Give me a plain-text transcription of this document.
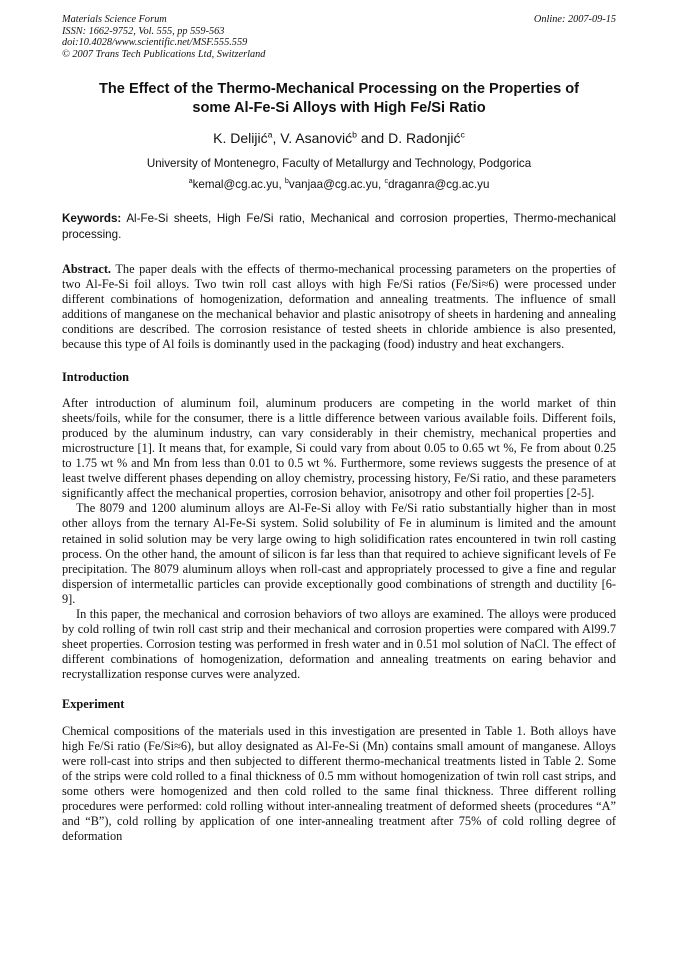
Materials Science Forum
ISSN: 1662-9752, Vol. 555, pp 559-563
doi:10.4028/www.scientific.net/MSF.555.559
© 2007 Trans Tech Publications Ltd, Switzerland
Online: 2007-09-15
The Effect of the Thermo-Mechanical Processing on the Properties of
some Al-Fe-Si Alloys with High Fe/Si Ratio
K. Delijić$^a$, V. Asanović$^b$ and D. Radonjić$^c$
University of Montenegro, Faculty of Metallurgy and Technology, Podgorica
$^a$kemal@cg.ac.yu, $^b$vanjaa@cg.ac.yu, $^c$draganra@cg.ac.yu
Keywords: Al-Fe-Si sheets, High Fe/Si ratio, Mechanical and corrosion properties, Thermo-mechanical processing.

Abstract. The paper deals with the effects of thermo-mechanical processing parameters on the properties of two Al-Fe-Si foil alloys. Two twin roll cast alloys with high Fe/Si ratios (Fe/Si≈6) were processed under different combinations of homogenization, deformation and annealing treatments. The influence of small additions of manganese on the mechanical behavior and plastic anisotropy of sheets in hardening and annealing conditions are described. The corrosion resistance of tested sheets in chloride ambience is also presented, because this type of Al foils is dominantly used in the packaging (food) industry and heat exchangers.

Introduction

After introduction of aluminum foil, aluminum producers are competing in the world market of thin sheets/foils, while for the consumer, there is a little difference between various available foils. Different foils, produced by the aluminum industry, can vary considerably in their chemistry, mechanical properties and microstructure [1]. It means that, for example, Si could vary from about 0.05 to 0.65 wt %, Fe from about 0.25 to 1.75 wt % and Mn from less than 0.01 to 0.5 wt %. Furthermore, some reviews suggests the presence of at least twelve different phases depending on alloy chemistry, processing history, Fe/Si ratio, and these parameters significantly affect the mechanical properties, corrosion behavior, anisotropy and other foil properties [2-5].

The 8079 and 1200 aluminum alloys are Al-Fe-Si alloy with Fe/Si ratio substantially higher than in most other alloys from the ternary Al-Fe-Si system. Solid solubility of Fe in aluminum is limited and the amount retained in solid solution may be very large owing to high solidification rates encountered in twin roll casting process. On the other hand, the amount of silicon is far less than that required to achieve significant levels of Fe precipitation. The 8079 aluminum alloys when roll-cast and appropriately processed to give a fine and regular dispersion of intermetallic particles can provide exceptionally good combinations of strength and ductility [6-9].

In this paper, the mechanical and corrosion behaviors of two alloys are examined. The alloys were produced by cold rolling of twin roll cast strip and their mechanical and corrosion properties were compared with Al99.7 sheet properties. Corrosion testing was performed in fresh water and in 0.51 mol solution of NaCl. The effect of different combinations of homogenization, deformation and annealing treatments on earing behavior and recrystallization response curves were analyzed.

Experiment

Chemical compositions of the materials used in this investigation are presented in Table 1. Both alloys have high Fe/Si ratio (Fe/Si≈6), but alloy designated as Al-Fe-Si (Mn) contains small amount of manganese. Alloys were roll-cast into strips and then subjected to different thermo-mechanical treatments listed in Table 2. Some of the strips were cold rolled to a final thickness of 0.5 mm without homogenization of twin roll cast strips, and some others were homogenized and then cold rolled to the same final thickness. Three different rolling procedures were performed: cold rolling without inter-annealing treatment of deformed sheets (procedures “A” and “B”), cold rolling by application of one inter-annealing treatment after 75% of cold rolling degree of deformation
